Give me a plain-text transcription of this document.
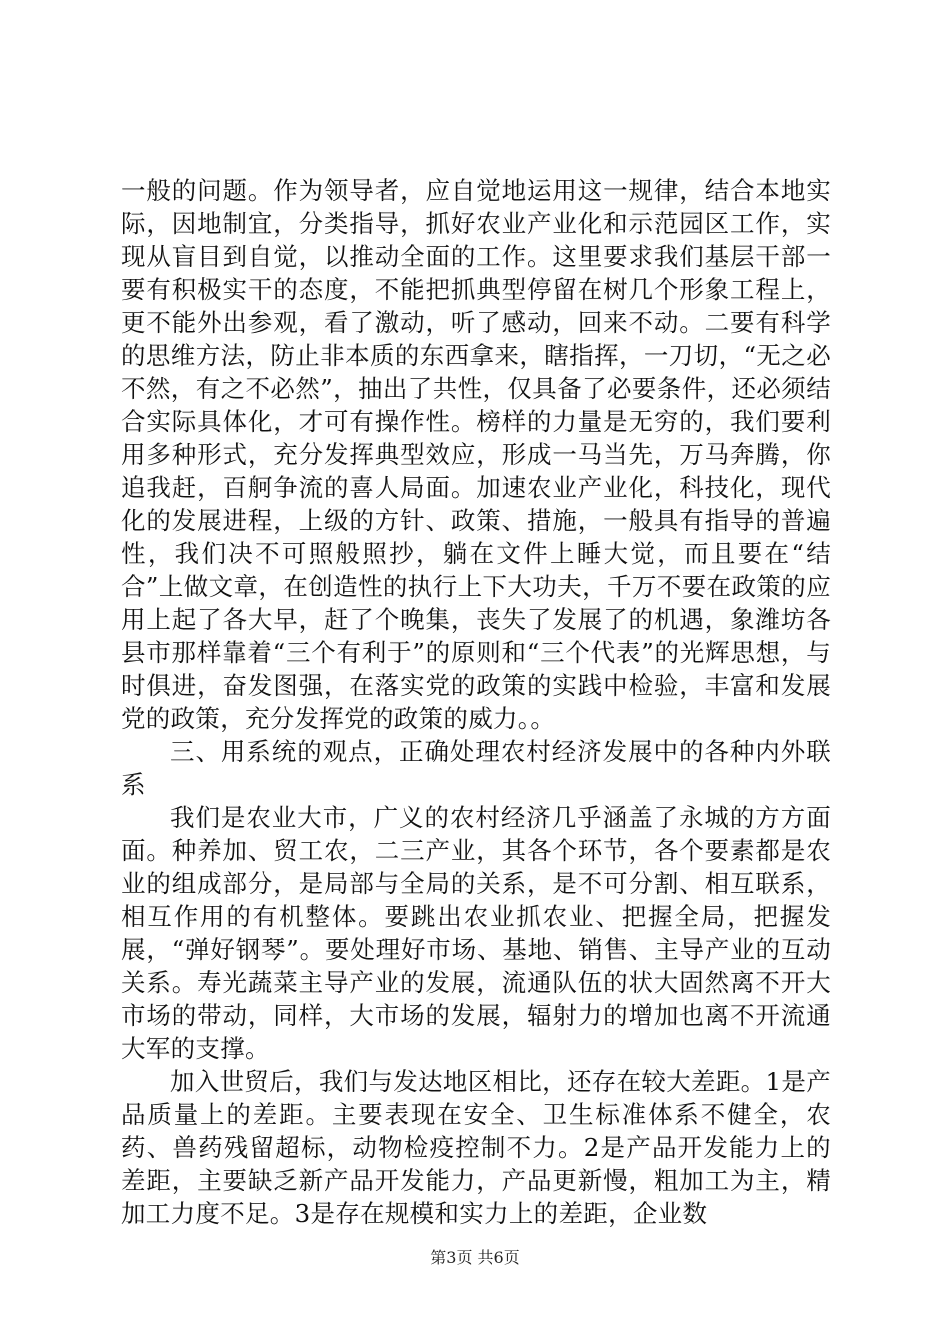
一般的问题。作为领导者，应自觉地运用这一规律，结合本地实际，因地制宜，分类指导，抓好农业产业化和示范园区工作，实现从盲目到自觉，以推动全面的工作。这里要求我们基层干部一要有积极实干的态度，不能把抓典型停留在树几个形象工程上，更不能外出参观，看了激动，听了感动，回来不动。二要有科学的思维方法，防止非本质的东西拿来，瞎指挥，一刀切，“无之必不然，有之不必然”，抽出了共性，仅具备了必要条件，还必须结合实际具体化，才可有操作性。榜样的力量是无穷的，我们要利用多种形式，充分发挥典型效应，形成一马当先，万马奔腾，你追我赶，百舸争流的喜人局面。加速农业产业化，科技化，现代化的发展进程，上级的方针、政策、措施，一般具有指导的普遍性，我们决不可照般照抄，躺在文件上睡大觉，而且要在“结合”上做文章，在创造性的执行上下大功夫，千万不要在政策的应用上起了各大早，赶了个晚集，丧失了发展了的机遇，象潍坊各县市那样靠着“三个有利于”的原则和“三个代表”的光辉思想，与时俱进，奋发图强，在落实党的政策的实践中检验，丰富和发展党的政策，充分发挥党的政策的威力。。

三、用系统的观点，正确处理农村经济发展中的各种内外联系

我们是农业大市，广义的农村经济几乎涵盖了永城的方方面面。种养加、贸工农，二三产业，其各个环节，各个要素都是农业的组成部分，是局部与全局的关系，是不可分割、相互联系，相互作用的有机整体。要跳出农业抓农业、把握全局，把握发展，“弹好钢琴”。要处理好市场、基地、销售、主导产业的互动关系。寿光蔬菜主导产业的发展，流通队伍的状大固然离不开大市场的带动，同样，大市场的发展，辐射力的增加也离不开流通大军的支撑。

加入世贸后，我们与发达地区相比，还存在较大差距。1是产品质量上的差距。主要表现在安全、卫生标准体系不健全，农药、兽药残留超标，动物检疫控制不力。2是产品开发能力上的差距，主要缺乏新产品开发能力，产品更新慢，粗加工为主，精加工力度不足。3是存在规模和实力上的差距，企业数

第3页 共6页
